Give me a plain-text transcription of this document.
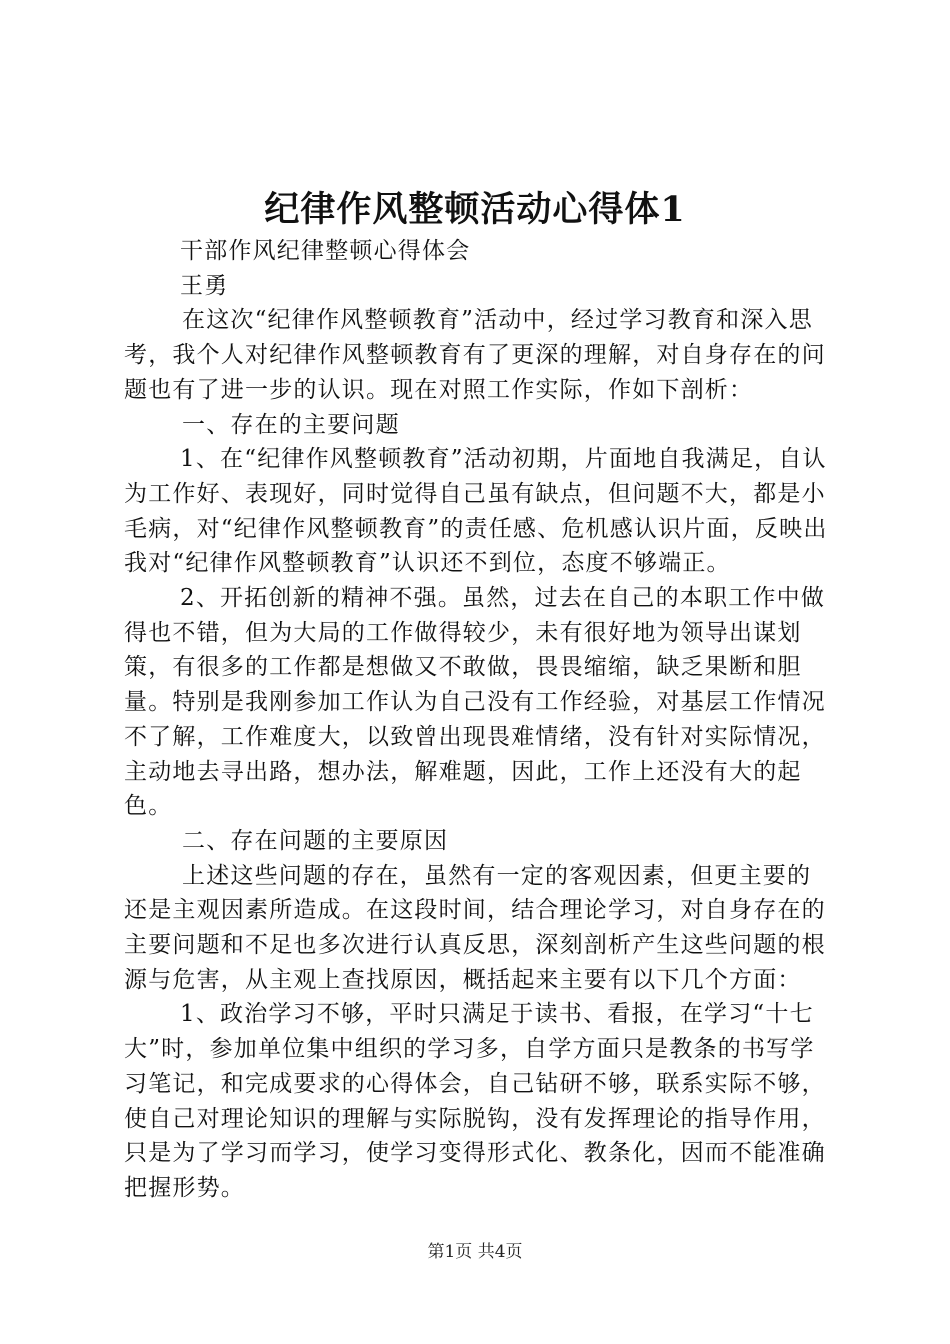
纪律作风整顿活动心得体1

干部作风纪律整顿心得体会

王勇

在这次“纪律作风整顿教育”活动中，经过学习教育和深入思考，我个人对纪律作风整顿教育有了更深的理解，对自身存在的问题也有了进一步的认识。现在对照工作实际，作如下剖析：

一、存在的主要问题

1、在“纪律作风整顿教育”活动初期，片面地自我满足，自认为工作好、表现好，同时觉得自己虽有缺点，但问题不大，都是小毛病，对“纪律作风整顿教育”的责任感、危机感认识片面，反映出我对“纪律作风整顿教育”认识还不到位，态度不够端正。

2、开拓创新的精神不强。虽然，过去在自己的本职工作中做得也不错，但为大局的工作做得较少，未有很好地为领导出谋划策，有很多的工作都是想做又不敢做，畏畏缩缩，缺乏果断和胆量。特别是我刚参加工作认为自己没有工作经验，对基层工作情况不了解，工作难度大，以致曾出现畏难情绪，没有针对实际情况，主动地去寻出路，想办法，解难题，因此，工作上还没有大的起色。

二、存在问题的主要原因

上述这些问题的存在，虽然有一定的客观因素，但更主要的还是主观因素所造成。在这段时间，结合理论学习，对自身存在的主要问题和不足也多次进行认真反思，深刻剖析产生这些问题的根源与危害，从主观上查找原因，概括起来主要有以下几个方面：

1、政治学习不够，平时只满足于读书、看报，在学习“十七大”时，参加单位集中组织的学习多，自学方面只是教条的书写学习笔记，和完成要求的心得体会，自己钻研不够，联系实际不够，使自己对理论知识的理解与实际脱钩，没有发挥理论的指导作用，只是为了学习而学习，使学习变得形式化、教条化，因而不能准确把握形势。

第1页 共4页
